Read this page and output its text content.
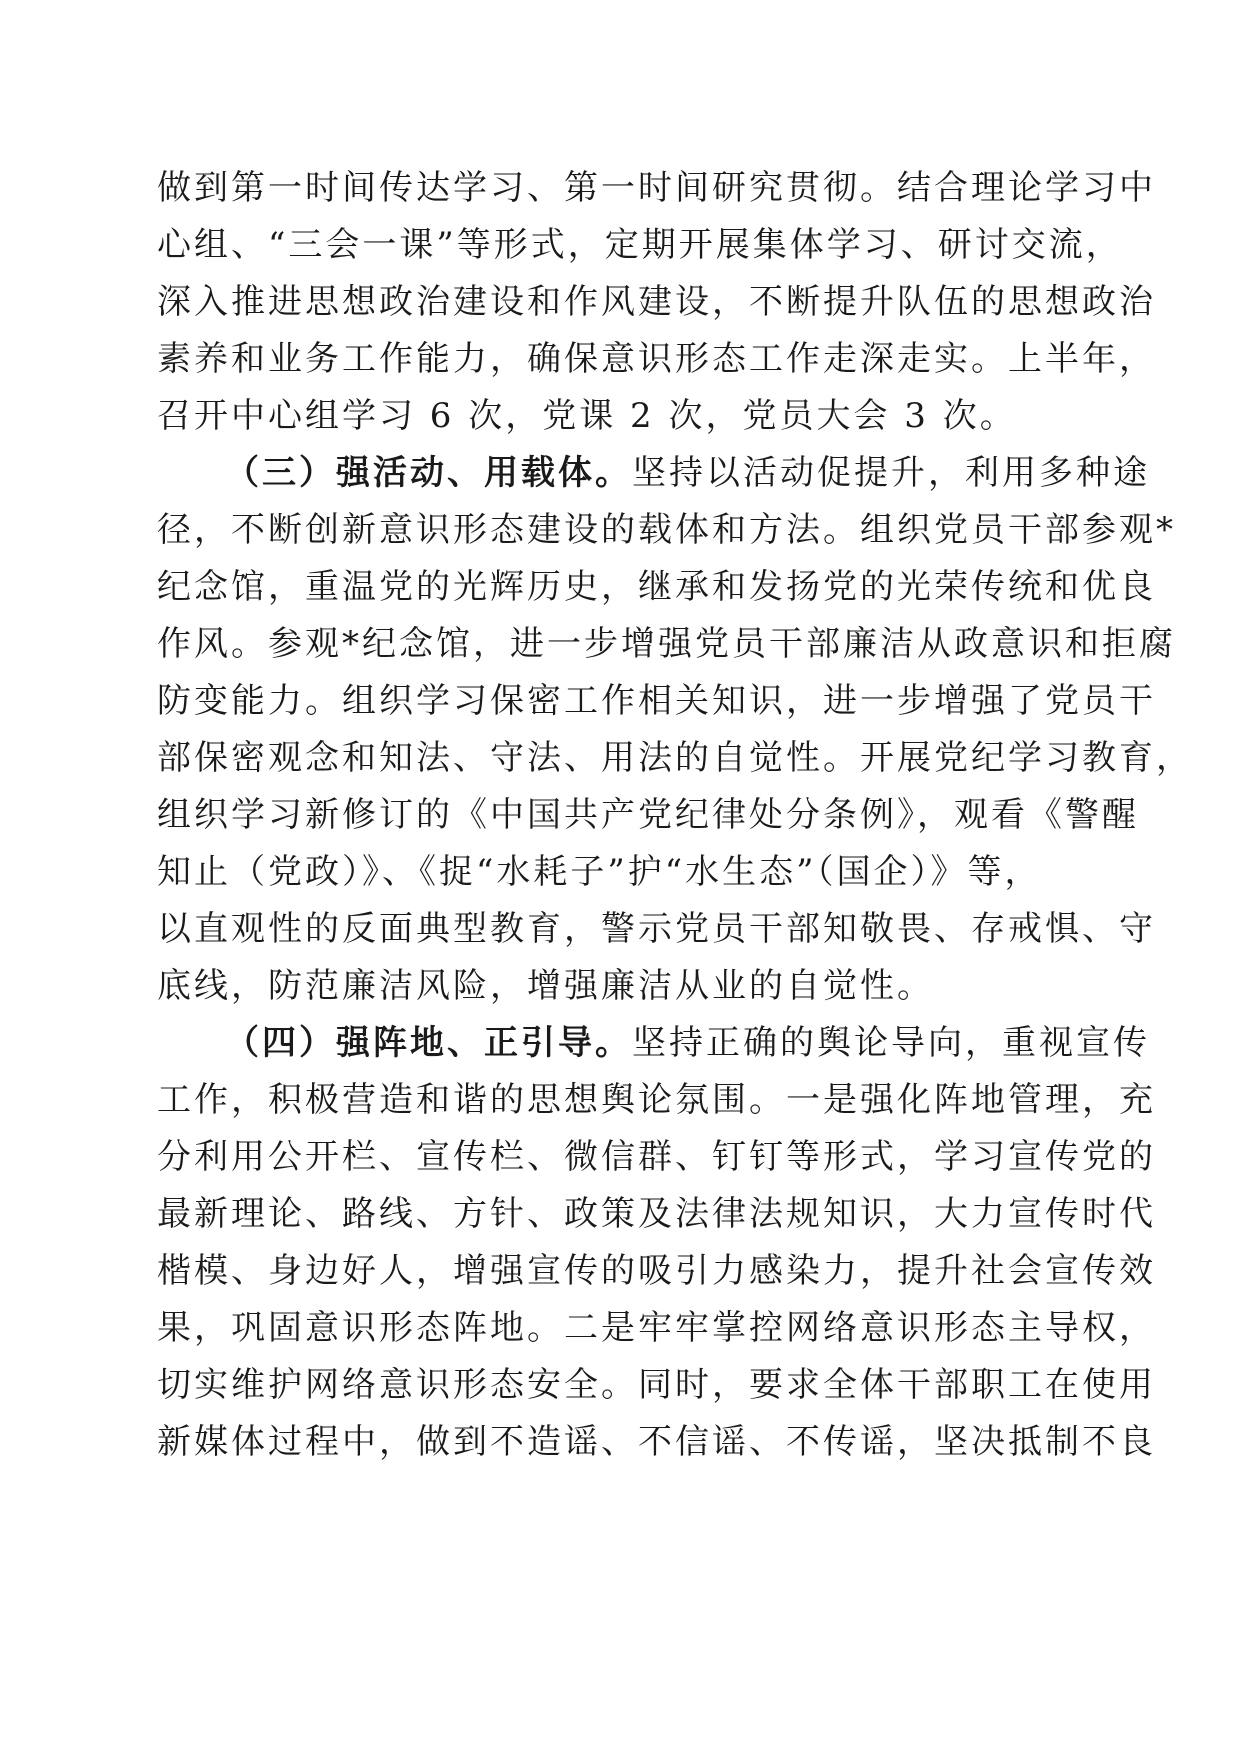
做到第一时间传达学习、第一时间研究贯彻。结合理论学习中
心组、“三会一课”等形式，定期开展集体学习、研讨交流，
深入推进思想政治建设和作风建设，不断提升队伍的思想政治
素养和业务工作能力，确保意识形态工作走深走实。上半年，
召开中心组学习 6 次，党课 2 次，党员大会 3 次。
（三）强活动、用载体。坚持以活动促提升，利用多种途
径，不断创新意识形态建设的载体和方法。组织党员干部参观*
纪念馆，重温党的光辉历史，继承和发扬党的光荣传统和优良
作风。参观*纪念馆，进一步增强党员干部廉洁从政意识和拒腐
防变能力。组织学习保密工作相关知识，进一步增强了党员干
部保密观念和知法、守法、用法的自觉性。开展党纪学习教育，
组织学习新修订的《中国共产党纪律处分条例》，观看《警醒
知止（党政）》、《捉“水耗子”护“水生态”（国企）》等，
以直观性的反面典型教育，警示党员干部知敬畏、存戒惧、守
底线，防范廉洁风险，增强廉洁从业的自觉性。
（四）强阵地、正引导。坚持正确的舆论导向，重视宣传
工作，积极营造和谐的思想舆论氛围。一是强化阵地管理，充
分利用公开栏、宣传栏、微信群、钉钉等形式，学习宣传党的
最新理论、路线、方针、政策及法律法规知识，大力宣传时代
楷模、身边好人，增强宣传的吸引力感染力，提升社会宣传效
果，巩固意识形态阵地。二是牢牢掌控网络意识形态主导权，
切实维护网络意识形态安全。同时，要求全体干部职工在使用
新媒体过程中，做到不造谣、不信谣、不传谣，坚决抵制不良
